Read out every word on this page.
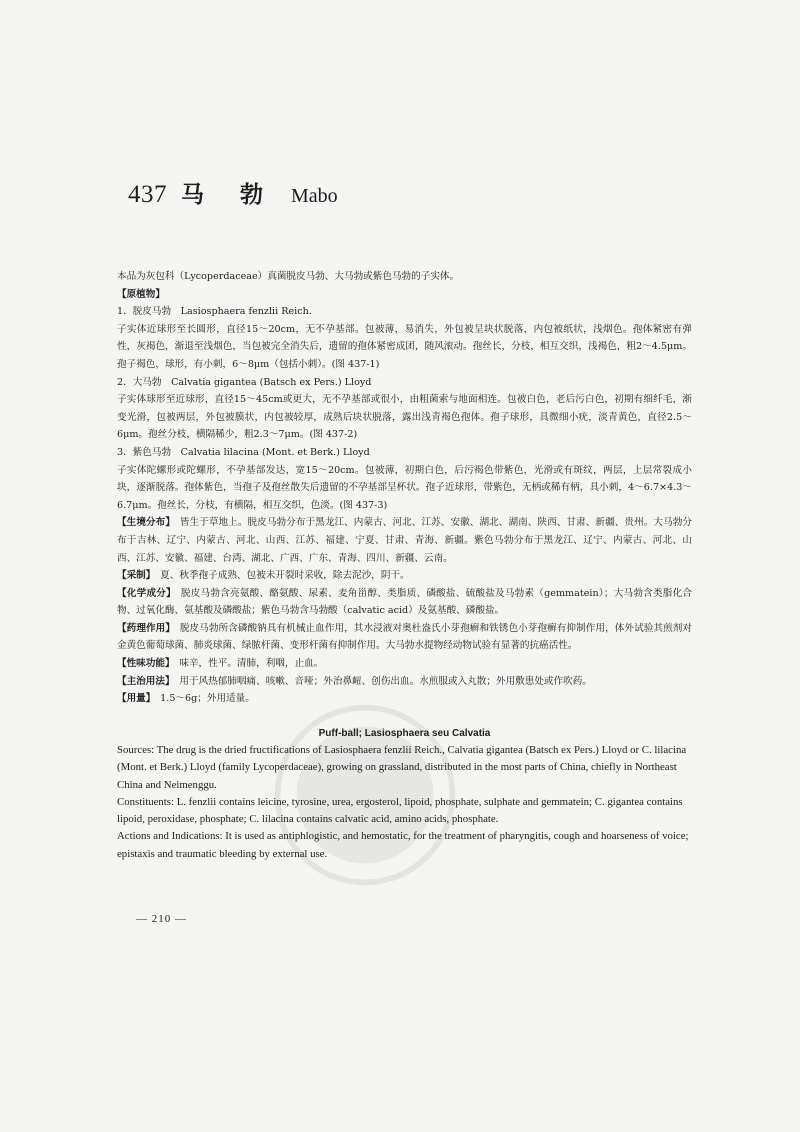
437 马 勃 Mabo

本品为灰包科（Lycoperdaceae）真菌脱皮马勃、大马勃或紫色马勃的子实体。

【原植物】

1．脱皮马勃　Lasiosphaera fenzlii Reich.

子实体近球形至长圆形，直径15～20cm，无不孕基部。包被薄，易消失，外包被呈块状脱落，内包被纸状，浅烟色。孢体紧密有弹性，灰褐色，渐退至浅烟色，当包被完全消失后，遗留的孢体紧密成团，随风滚动。孢丝长，分枝，相互交织，浅褐色，粗2～4.5μm。孢子褐色，球形，有小刺，6～8μm（包括小刺）。(图 437-1)

2．大马勃　Calvatia gigantea (Batsch ex Pers.) Lloyd

子实体球形至近球形，直径15～45cm或更大，无不孕基部或很小，由粗菌索与地面相连。包被白色，老后污白色，初期有细纤毛，渐变光滑，包被两层，外包被膜状，内包被较厚，成熟后块状脱落，露出浅青褐色孢体。孢子球形，具微细小疣，淡青黄色，直径2.5～6μm。孢丝分枝，横隔稀少，粗2.3～7μm。(图 437-2)

3．紫色马勃　Calvatia lilacina (Mont. et Berk.) Lloyd

子实体陀螺形或陀螺形，不孕基部发达，宽15～20cm。包被薄，初期白色，后污褐色带紫色，光滑或有斑纹，两层，上层常裂成小块，逐渐脱落。孢体紫色，当孢子及孢丝散失后遗留的不孕基部呈杯状。孢子近球形，带紫色，无柄或稀有柄，具小刺，4～6.7×4.3～6.7μm。孢丝长，分枝，有横隔，相互交织，色淡。(图 437-3)

【生境分布】　皆生于草地上。脱皮马勃分布于黑龙江、内蒙古、河北、江苏、安徽、湖北、湖南、陕西、甘肃、新疆、贵州。大马勃分布于吉林、辽宁、内蒙古、河北、山西、江苏、福建、宁夏、甘肃、青海、新疆。紫色马勃分布于黑龙江、辽宁、内蒙古、河北、山西、江苏、安徽、福建、台湾、湖北、广西、广东、青海、四川、新疆、云南。

【采制】　夏、秋季孢子成熟、包被未开裂时采收，除去泥沙，阴干。

【化学成分】　脱皮马勃含亮氨酸、酪氨酸、尿素、麦角甾醇、类脂质、磷酸盐、硫酸盐及马勃素（gemmatein）；大马勃含类脂化合物、过氧化酶、氨基酸及磷酸盐；紫色马勃含马勃酸（calvatic acid）及氨基酸、磷酸盐。

【药理作用】　脱皮马勃所含磷酸钠具有机械止血作用，其水浸液对奥杜盎氏小芽孢癣和铁锈色小芽孢癣有抑制作用，体外试验其煎剂对金黄色葡萄球菌、肺炎球菌、绿脓杆菌、变形杆菌有抑制作用。大马勃水提物经动物试验有显著的抗癌活性。

【性味功能】　味辛，性平。清肺，利咽，止血。

【主治用法】　用于风热郁肺咽痛、咳嗽、音哑；外治鼻衄、创伤出血。水煎服或入丸散；外用敷患处或作吹药。

【用量】　1.5～6g；外用适量。

Puff-ball; Lasiosphaera seu Calvatia

Sources: The drug is the dried fructifications of Lasiosphaera fenzlii Reich., Calvatia gigantea (Batsch ex Pers.) Lloyd or C. lilacina (Mont. et Berk.) Lloyd (family Lycoperdaceae), growing on grassland, distributed in the most parts of China, chiefly in Northeast China and Neimenggu.

Constituents: L. fenzlii contains leicine, tyrosine, urea, ergosterol, lipoid, phosphate, sulphate and gemmatein; C. gigantea contains lipoid, peroxidase, phosphate; C. lilacina contains calvatic acid, amino acids, phosphate.

Actions and Indications: It is used as antiphlogistic, and hemostatic, for the treatment of pharyngitis, cough and hoarseness of voice; epistaxis and traumatic bleeding by external use.

— 210 —
